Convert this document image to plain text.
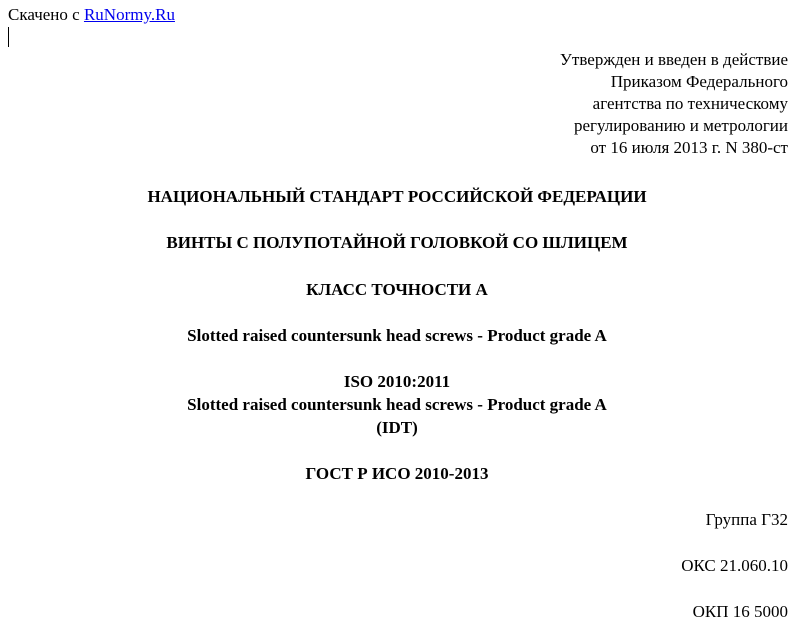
Скачено с RuNormy.Ru
Утвержден и введен в действие
Приказом Федерального
агентства по техническому
регулированию и метрологии
от 16 июля 2013 г. N 380-ст
НАЦИОНАЛЬНЫЙ СТАНДАРТ РОССИЙСКОЙ ФЕДЕРАЦИИ
ВИНТЫ С ПОЛУПОТАЙНОЙ ГОЛОВКОЙ СО ШЛИЦЕМ
КЛАСС ТОЧНОСТИ А
Slotted raised countersunk head screws - Product grade A
ISO 2010:2011
Slotted raised countersunk head screws - Product grade A
(IDT)
ГОСТ Р ИСО 2010-2013
Группа Г32
ОКС 21.060.10
ОКП 16 5000
